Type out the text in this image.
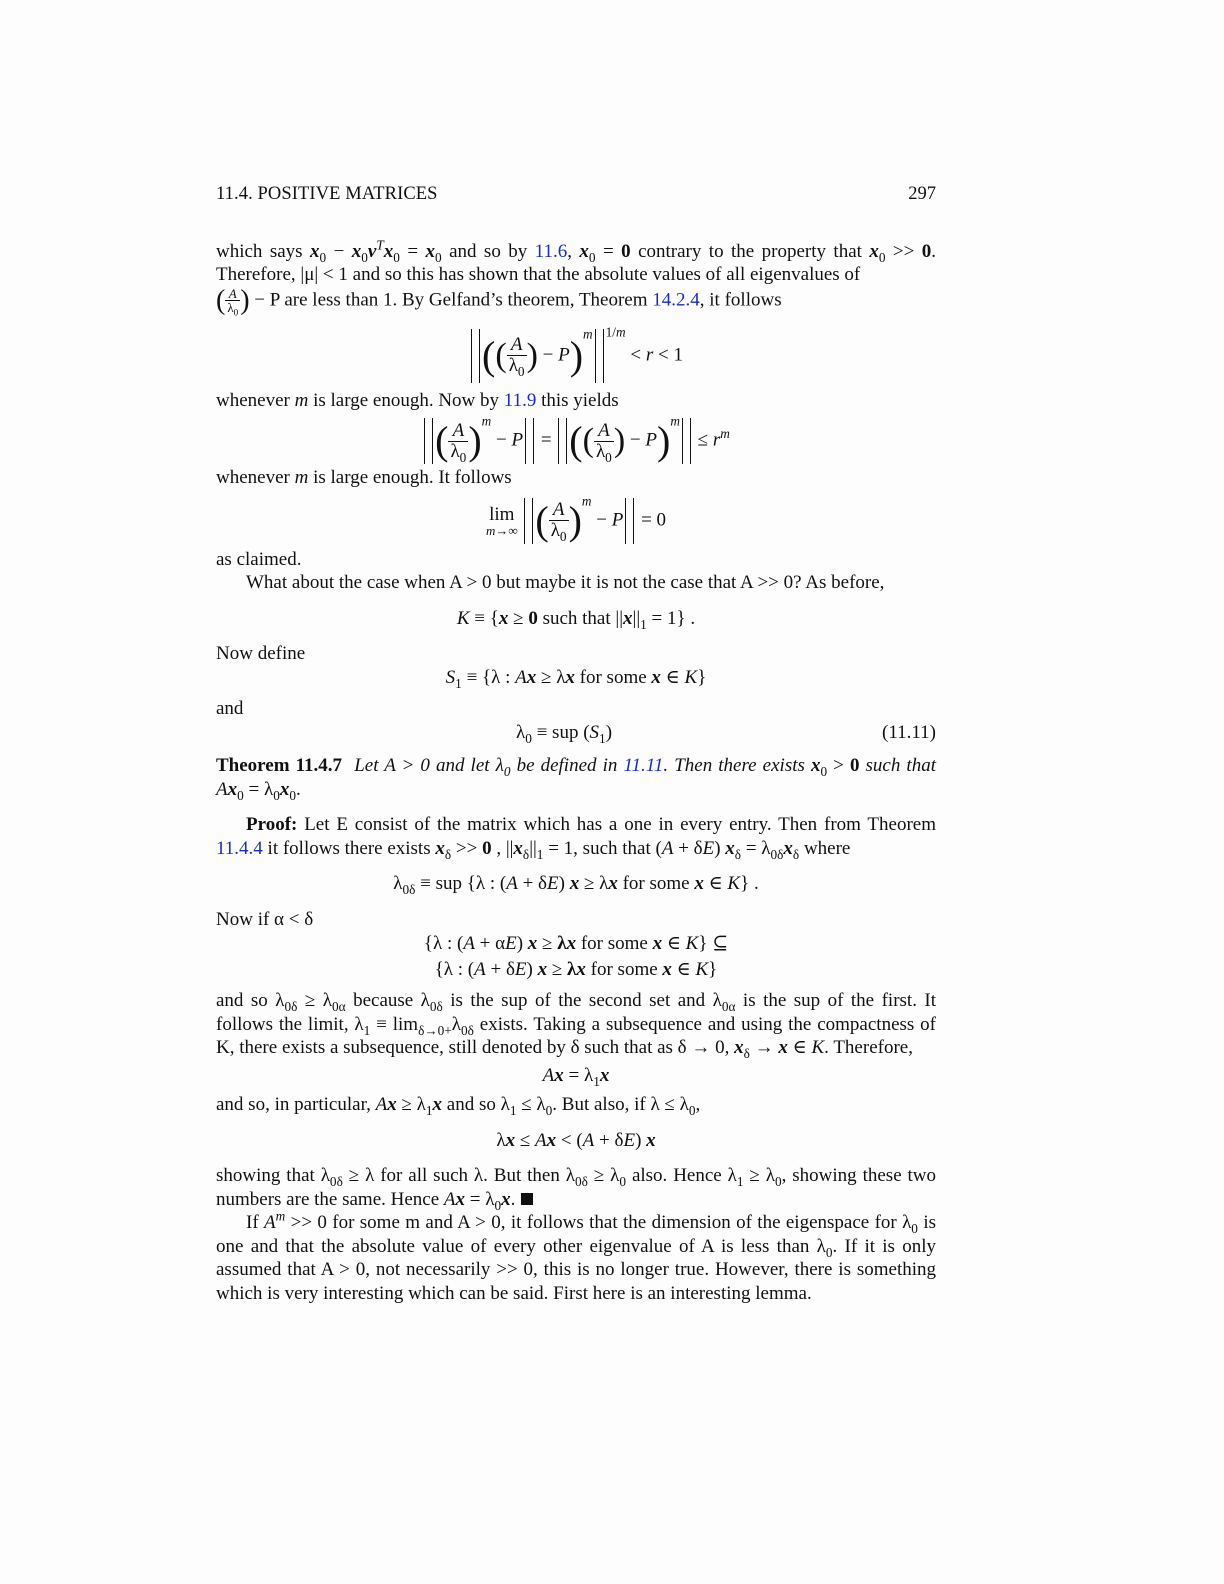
11.4. POSITIVE MATRICES	297

which says $x_0 - x_0v^Tx_0 = x_0$ and so by 11.6, $x_0 = 0$ contrary to the property that $x_0 >> 0$. Therefore, |μ| < 1 and so this has shown that the absolute values of all eigenvalues of
( $\frac{A}{\lambda_0}$ ) − P are less than 1. By Gelfand’s theorem, Theorem 14.2.4, it follows

(( $\frac{A}{\lambda_0}$ ) − P)$^m$ $^{1/m}$ < r < 1

whenever m is large enough. Now by 11.9 this yields

( $\frac{A}{\lambda_0} )^m - P$ = (( $\frac{A}{\lambda_0}$ ) − $P)^m \le r^m$

whenever m is large enough. It follows

lim
m→∞ ( $\frac{A}{\lambda_0} )^m - P = 0$

as claimed.

What about the case when A > 0 but maybe it is not the case that A >> 0? As before,

K ≡ {x ≥ 0 such that $||x||_1 = 1$} .

Now define

$S_1 \equiv \{\lambda$ : Ax ≥ λx for some x ∈ K}

and

$\lambda_0$ ≡ sup $(S_1)$	(11.11)

Theorem 11.4.7 Let A > 0 and let $\lambda_0$ be defined in 11.11. Then there exists $x_0 > 0$ such that $Ax_0 = \lambda_0x_0$.

Proof: Let E consist of the matrix which has a one in every entry. Then from Theorem 11.4.4 it follows there exists $x_\delta >> 0$ , $||x_\delta||_1 = 1$, such that (A + δE) $x_\delta = \lambda_{0\delta}x_\delta$ where

$\lambda_{0\delta}$ ≡ sup {λ : (A + δE) x ≥ λx for some x ∈ K} .

Now if α < δ

{λ : (A + αE) x ≥ λx for some x ∈ K} ⊆
{λ : (A + δE) x ≥ λx for some x ∈ K}

and so $\lambda_{0\delta} \ge \lambda_{0\alpha}$ because $\lambda_{0\delta}$ is the sup of the second set and $\lambda_{0\alpha}$ is the sup of the first. It follows the limit, $\lambda_1 \equiv \lim_{\delta\to 0+}\lambda_{0\delta}$ exists. Taking a subsequence and using the compactness of K, there exists a subsequence, still denoted by δ such that as δ → 0, $x_\delta \to x$ ∈ K. Therefore,

$Ax = \lambda_1x$

and so, in particular, $Ax \ge \lambda_1x$ and so $\lambda_1 \le \lambda_0$. But also, if $\lambda \le \lambda_0$,

λx ≤ Ax < (A + δE) x

showing that $\lambda_{0\delta} \ge \lambda$ for all such λ. But then $\lambda_{0\delta} \ge \lambda_0$ also. Hence $\lambda_1 \ge \lambda_0$, showing these two numbers are the same. Hence $Ax = \lambda_0x$.

If $A^m >> 0$ for some m and A > 0, it follows that the dimension of the eigenspace for $\lambda_0$ is one and that the absolute value of every other eigenvalue of A is less than $\lambda_0$. If it is only assumed that A > 0, not necessarily >> 0, this is no longer true. However, there is something which is very interesting which can be said. First here is an interesting lemma.
